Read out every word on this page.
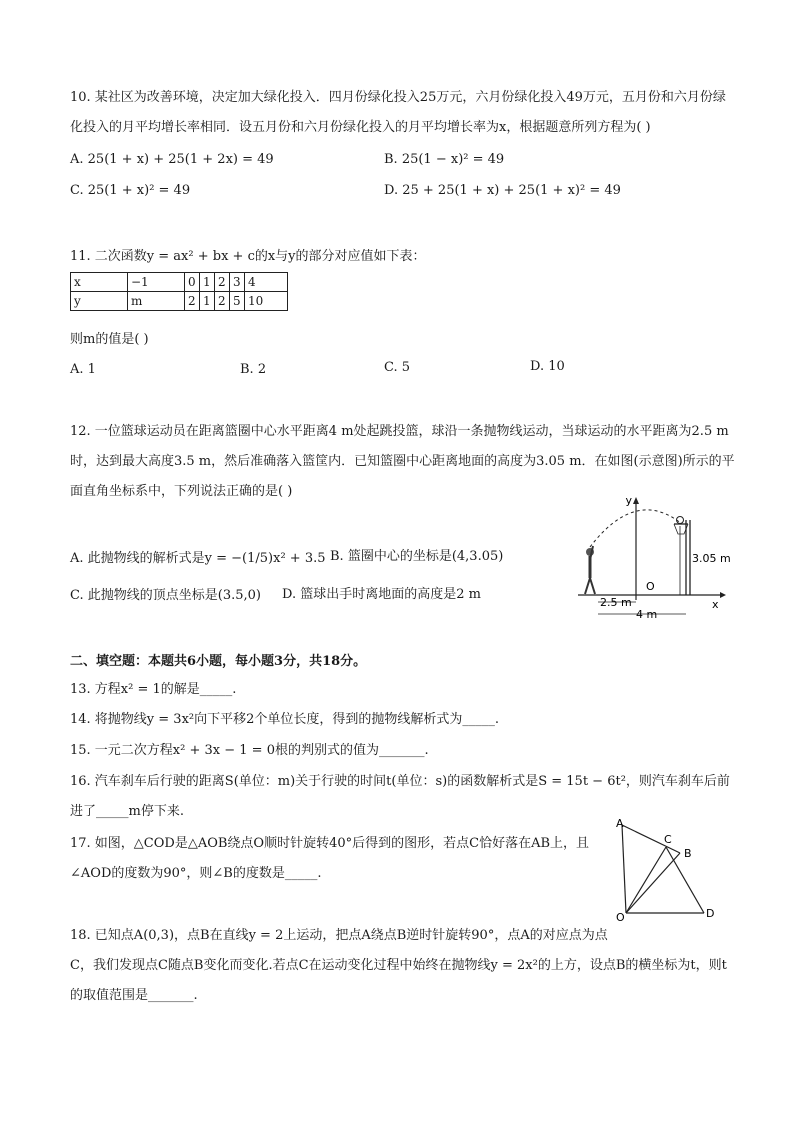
10. 某社区为改善环境，决定加大绿化投入．四月份绿化投入25万元，六月份绿化投入49万元，五月份和六月份绿
化投入的月平均增长率相同．设五月份和六月份绿化投入的月平均增长率为x，根据题意所列方程为( )
A. 25(1 + x) + 25(1 + 2x) = 49	B. 25(1 − x)² = 49
C. 25(1 + x)² = 49	D. 25 + 25(1 + x) + 25(1 + x)² = 49
11. 二次函数y = ax² + bx + c的x与y的部分对应值如下表：
x	−1	0	1	2	3	4
y	m	2	1	2	5	10
则m的值是( )
A. 1	B. 2	C. 5	D. 10
12. 一位篮球运动员在距离篮圈中心水平距离4 m处起跳投篮，球沿一条抛物线运动，当球运动的水平距离为2.5 m
时，达到最大高度3.5 m，然后准确落入篮筐内．已知篮圈中心距离地面的高度为3.05 m．在如图(示意图)所示的平
面直角坐标系中，下列说法正确的是( )
A. 此抛物线的解析式是y = −(1/5)x² + 3.5 B. 篮圈中心的坐标是(4,3.05)
C. 此抛物线的顶点坐标是(3.5,0) D. 篮球出手时离地面的高度是2 m
y
x
O
3.05 m
2.5 m
4 m
二、填空题：本题共6小题，每小题3分，共18分。
13. 方程x² = 1的解是_____.
14. 将抛物线y = 3x²向下平移2个单位长度，得到的抛物线解析式为_____.
15. 一元二次方程x² + 3x − 1 = 0根的判别式的值为_______.
16. 汽车刹车后行驶的距离S(单位：m)关于行驶的时间t(单位：s)的函数解析式是S = 15t − 6t²，则汽车刹车后前
进了_____m停下来.
17. 如图，△COD是△AOB绕点O顺时针旋转40°后得到的图形，若点C恰好落在AB上，且
∠AOD的度数为90°，则∠B的度数是_____.
A
C
B
D
O
18. 已知点A(0,3)，点B在直线y = 2上运动，把点A绕点B逆时针旋转90°，点A的对应点为点
C，我们发现点C随点B变化而变化.若点C在运动变化过程中始终在抛物线y = 2x²的上方，设点B的横坐标为t，则t
的取值范围是_______.
